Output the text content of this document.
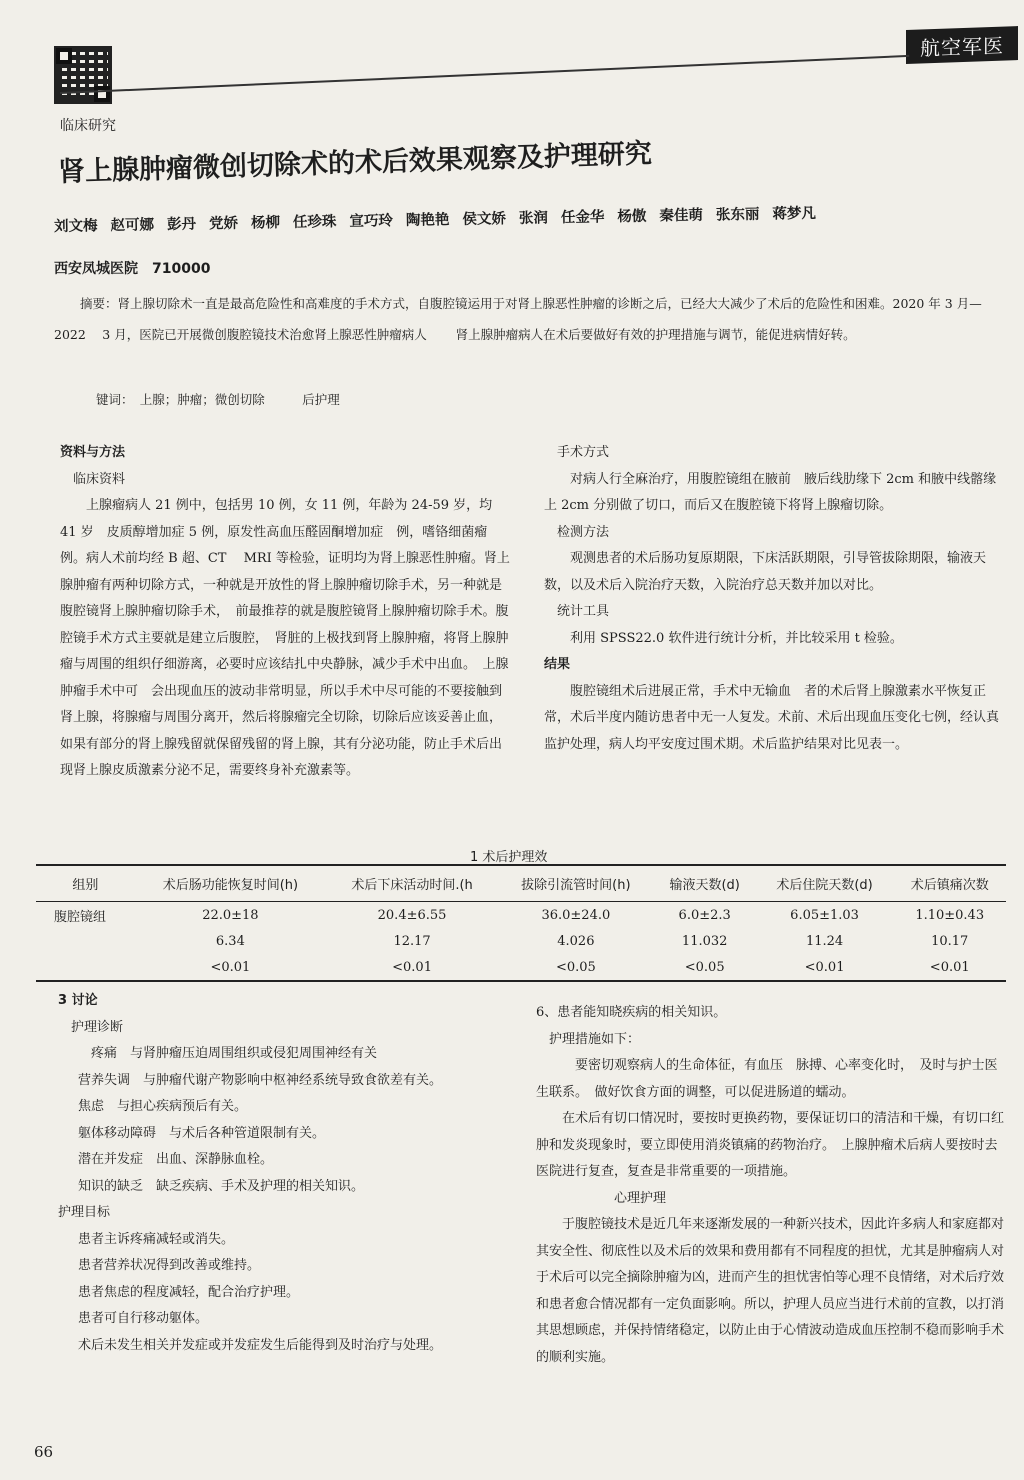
临床研究
航空军医
肾上腺肿瘤微创切除术的术后效果观察及护理研究
刘文梅 赵可娜 彭丹 党娇 杨柳 任珍珠 宣巧玲 陶艳艳 侯文娇 张润 任金华 杨傲 秦佳萌 张东丽 蒋梦凡
西安凤城医院　710000
摘要：肾上腺切除术一直是最高危险性和高难度的手术方式，自腹腔镜运用于对肾上腺恶性肿瘤的诊断之后，已经大大减少了术后的危险性和困难。2020 年 3 月—2022　 3 月，医院已开展微创腹腔镜技术治愈肾上腺恶性肿瘤病人　　 肾上腺肿瘤病人在术后要做好有效的护理措施与调节，能促进病情好转。
键词：　上腺；肿瘤；微创切除　　　后护理

资料与方法

　临床资料

上腺瘤病人 21 例中，包括男 10 例，女 11 例，年龄为 24-59 岁，均 41 岁　皮质醇增加症 5 例，原发性高血压醛固酮增加症　例，嗜铬细菌瘤例。病人术前均经 B 超、CT　 MRI 等检验，证明均为肾上腺恶性肿瘤。肾上腺肿瘤有两种切除方式，一种就是开放性的肾上腺肿瘤切除手术，另一种就是腹腔镜肾上腺肿瘤切除手术，　前最推荐的就是腹腔镜肾上腺肿瘤切除手术。腹腔镜手术方式主要就是建立后腹腔，　肾脏的上极找到肾上腺肿瘤，将肾上腺肿瘤与周围的组织仔细游离，必要时应该结扎中央静脉，减少手术中出血。　上腺肿瘤手术中可　会出现血压的波动非常明显，所以手术中尽可能的不要接触到肾上腺，将腺瘤与周围分离开，然后将腺瘤完全切除，切除后应该妥善止血，如果有部分的肾上腺残留就保留残留的肾上腺，其有分泌功能，防止手术后出现肾上腺皮质激素分泌不足，需要终身补充激素等。

　手术方式

对病人行全麻治疗，用腹腔镜组在腋前　腋后线肋缘下 2cm 和腋中线髂缘上 2cm 分别做了切口，而后又在腹腔镜下将肾上腺瘤切除。

　检测方法

观测患者的术后肠功复原期限，下床活跃期限，引导管拔除期限，输液天数，以及术后入院治疗天数，入院治疗总天数并加以对比。

　统计工具

利用 SPSS22.0 软件进行统计分析，并比较采用 t 检验。

结果

腹腔镜组术后进展正常，手术中无输血　者的术后肾上腺激素水平恢复正常，术后半度内随访患者中无一人复发。术前、术后出现血压变化七例，经认真监护处理，病人均平安度过围术期。术后监护结果对比见表一。

1 术后护理效
组别	术后肠功能恢复时间(h)	术后下床活动时间.(h	拔除引流管时间(h)	输液天数(d)	术后住院天数(d)	术后镇痛次数
腹腔镜组	22.0±18	20.4±6.55	36.0±24.0	6.0±2.3	6.05±1.03	1.10±0.43
	6.34	12.17	4.026	11.032	11.24	10.17
	<0.01	<0.01	<0.05	<0.05	<0.01	<0.01

3 讨论

　护理诊断

　疼痛　与肾肿瘤压迫周围组织或侵犯周围神经有关

营养失调　与肿瘤代谢产物影响中枢神经系统导致食欲差有关。

焦虑　与担心疾病预后有关。

躯体移动障碍　与术后各种管道限制有关。

潜在并发症　出血、深静脉血栓。

知识的缺乏　缺乏疾病、手术及护理的相关知识。

护理目标

患者主诉疼痛减轻或消失。

患者营养状况得到改善或维持。

患者焦虑的程度减轻，配合治疗护理。

患者可自行移动躯体。

术后未发生相关并发症或并发症发生后能得到及时治疗与处理。

6、患者能知晓疾病的相关知识。

　护理措施如下：

　要密切观察病人的生命体征，有血压　脉搏、心率变化时，　及时与护士医生联系。　做好饮食方面的调整，可以促进肠道的蠕动。

在术后有切口情况时，要按时更换药物，要保证切口的清洁和干燥，有切口红肿和发炎现象时，要立即使用消炎镇痛的药物治疗。　上腺肿瘤术后病人要按时去医院进行复查，复查是非常重要的一项措施。

　　　　　　心理护理

于腹腔镜技术是近几年来逐渐发展的一种新兴技术，因此许多病人和家庭都对其安全性、彻底性以及术后的效果和费用都有不同程度的担忧，尤其是肿瘤病人对于术后可以完全摘除肿瘤为凶，进而产生的担忧害怕等心理不良情绪，对术后疗效和患者愈合情况都有一定负面影响。所以，护理人员应当进行术前的宣教，以打消其思想顾虑，并保持情绪稳定，以防止由于心情波动造成血压控制不稳而影响手术的顺利实施。

66
